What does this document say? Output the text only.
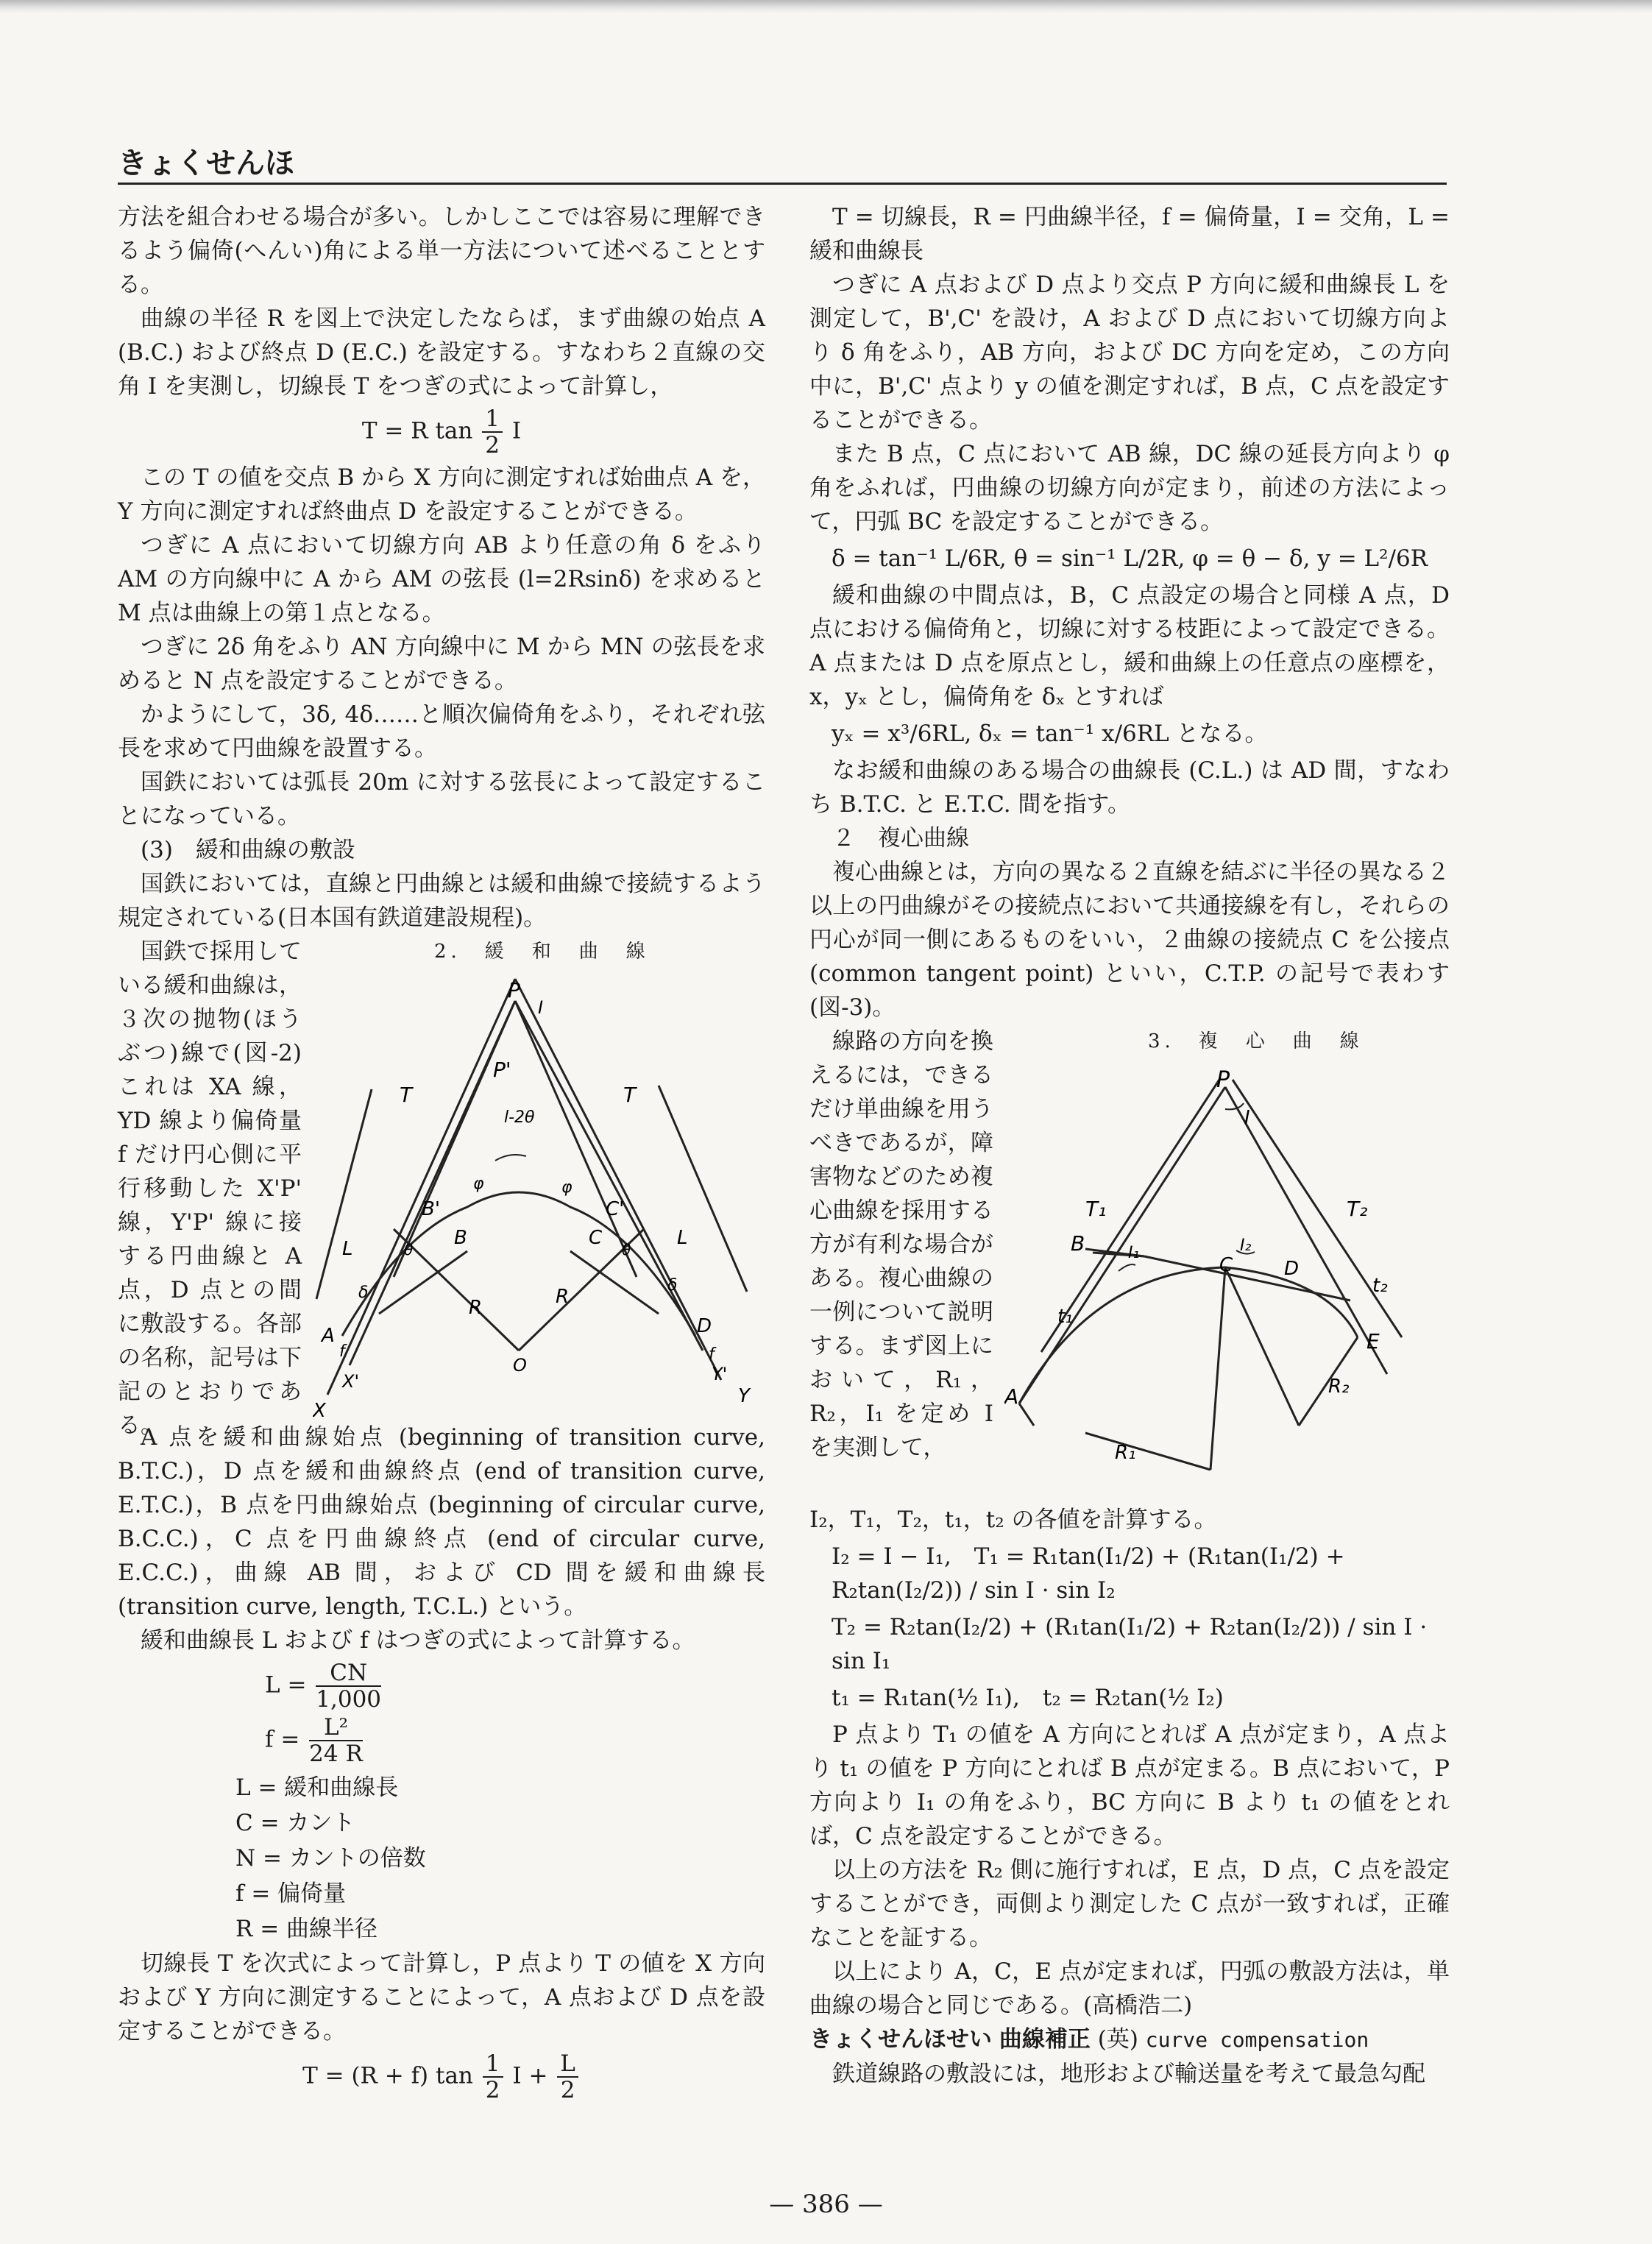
きょくせんほ

方法を組合わせる場合が多い。しかしここでは容易に理解できるよう偏倚(へんい)角による単一方法について述べることとする。

曲線の半径 R を図上で決定したならば，まず曲線の始点 A (B.C.) および終点 D (E.C.) を設定する。すなわち２直線の交角 I を実測し，切線長 T をつぎの式によって計算し，

T = R $\tan \frac{1}{2}$ I

この T の値を交点 B から X 方向に測定すれば始曲点 A を，Y 方向に測定すれば終曲点 D を設定することができる。

つぎに A 点において切線方向 AB より任意の角 δ をふり AM の方向線中に A から AM の弦長 (l=2Rsinδ) を求めると M 点は曲線上の第１点となる。

つぎに 2δ 角をふり AN 方向線中に M から MN の弦長を求めると N 点を設定することができる。

かようにして，3δ, 4δ……と順次偏倚角をふり，それぞれ弦長を求めて円曲線を設置する。

国鉄においては弧長 20m に対する弦長によって設定することになっている。

(3)　緩和曲線の敷設

国鉄においては，直線と円曲線とは緩和曲線で接続するよう規定されている(日本国有鉄道建設規程)。

国鉄で採用している緩和曲線は，３次の抛物(ほうぶつ)線で(図-2) これは XA 線，YD 線より偏倚量 f だけ円心側に平行移動した X'P' 線，Y'P' 線に接する円曲線と A 点，D 点との間に敷設する。各部の名称，記号は下記のとおりである。

2.　緩　和　曲　線
P
P'
I
T	T
B'
B
C'
C
φ	φ
l-2θ
L	L
δ	δ
θ	θ
R	R
O
A	D
f	f
X
X'
Y
Y'

A 点を緩和曲線始点 (beginning of transition curve, B.T.C.)，D 点を緩和曲線終点 (end of transition curve, E.T.C.)，B 点を円曲線始点 (beginning of circular curve, B.C.C.)，C 点を円曲線終点 (end of circular curve, E.C.C.)，曲線 AB 間，および CD 間を緩和曲線長 (transition curve, length, T.C.L.) という。

緩和曲線長 L および f はつぎの式によって計算する。

$L = \frac{CN}{1,000}$
$f = \frac{\text{L²}}{24 R}$
L = 緩和曲線長
C = カント
N = カントの倍数
f = 偏倚量
R = 曲線半径

切線長 T を次式によって計算し，P 点より T の値を X 方向および Y 方向に測定することによって，A 点および D 点を設定することができる。

T = (R + f) $\tan \frac{1}{2}$ $I + \frac{L}{2}$

T = 切線長，R = 円曲線半径，f = 偏倚量，I = 交角，L = 緩和曲線長

つぎに A 点および D 点より交点 P 方向に緩和曲線長 L を測定して，B',C' を設け，A および D 点において切線方向より δ 角をふり，AB 方向，および DC 方向を定め，この方向中に，B',C' 点より y の値を測定すれば，B 点，C 点を設定することができる。

また B 点，C 点において AB 線，DC 線の延長方向より φ 角をふれば，円曲線の切線方向が定まり，前述の方法によって，円弧 BC を設定することができる。

δ = tan⁻¹ L/6R, θ = sin⁻¹ L/2R, φ = θ − δ, y = L²/6R

緩和曲線の中間点は，B，C 点設定の場合と同様 A 点，D 点における偏倚角と，切線に対する枝距によって設定できる。A 点または D 点を原点とし，緩和曲線上の任意点の座標を，x，yₓ とし，偏倚角を δₓ とすれば

yₓ = x³/6RL, δₓ = tan⁻¹ x/6RL となる。

なお緩和曲線のある場合の曲線長 (C.L.) は AD 間，すなわち B.T.C. と E.T.C. 間を指す。

２　複心曲線

複心曲線とは，方向の異なる２直線を結ぶに半径の異なる２以上の円曲線がその接続点において共通接線を有し，それらの円心が同一側にあるものをいい，２曲線の接続点 C を公接点 (common tangent point) といい，C.T.P. の記号で表わす (図-3)。

線路の方向を換えるには，できるだけ単曲線を用うべきであるが，障害物などのため複心曲線を採用する方が有利な場合がある。複心曲線の一例について説明する。まず図上において，R₁，R₂，I₁ を定め I を実測して，

3.　複　心　曲　線
P
I
T₁	T₂
B	I₁	I₂
C	D
t₁
t₂
A
E
R₁
R₂

I₂，T₁，T₂，t₁，t₂ の各値を計算する。

I₂ = I − I₁,　T₁ = R₁tan(I₁/2) + (R₁tan(I₁/2) + R₂tan(I₂/2)) / sin I · sin I₂
T₂ = R₂tan(I₂/2) + (R₁tan(I₁/2) + R₂tan(I₂/2)) / sin I · sin I₁
t₁ = R₁tan(½ I₁),　t₂ = R₂tan(½ I₂)

P 点より T₁ の値を A 方向にとれば A 点が定まり，A 点より t₁ の値を P 方向にとれば B 点が定まる。B 点において，P 方向より I₁ の角をふり，BC 方向に B より t₁ の値をとれば，C 点を設定することができる。

以上の方法を R₂ 側に施行すれば，E 点，D 点，C 点を設定することができ，両側より測定した C 点が一致すれば，正確なことを証する。

以上により A，C，E 点が定まれば，円弧の敷設方法は，単曲線の場合と同じである。(高橋浩二)

きょくせんほせい 曲線補正 (英) curve compensation

鉄道線路の敷設には，地形および輸送量を考えて最急勾配

— 386 —
